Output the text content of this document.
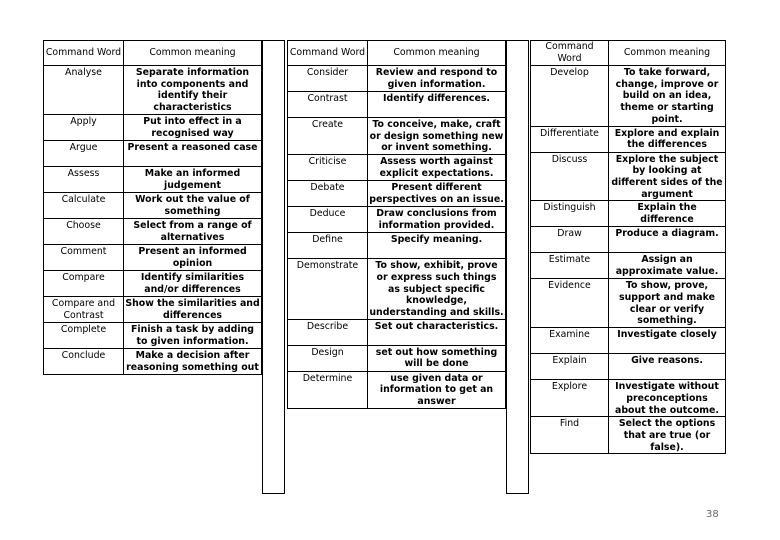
Command Word	Common meaning
Analyse	Separate information into components and identify their characteristics
Apply	Put into effect in a recognised way
Argue	Present a reasoned case
Assess	Make an informed judgement
Calculate	Work out the value of something
Choose	Select from a range of alternatives
Comment	Present an informed opinion
Compare	Identify similarities and/or differences
Compare and Contrast	Show the similarities and differences
Complete	Finish a task by adding to given information.
Conclude	Make a decision after reasoning something out
Command Word	Common meaning
Consider	Review and respond to given information.
Contrast	Identify differences.
Create	To conceive, make, craft or design something new or invent something.
Criticise	Assess worth against explicit expectations.
Debate	Present different perspectives on an issue.
Deduce	Draw conclusions from information provided.
Define	Specify meaning.
Demonstrate	To show, exhibit, prove or express such things as subject specific knowledge, understanding and skills.
Describe	Set out characteristics.
Design	set out how something will be done
Determine	use given data or information to get an answer
Command Word	Common meaning
Develop	To take forward, change, improve or build on an idea, theme or starting point.
Differentiate	Explore and explain the differences
Discuss	Explore the subject by looking at different sides of the argument
Distinguish	Explain the difference
Draw	Produce a diagram.
Estimate	Assign an approximate value.
Evidence	To show, prove, support and make clear or verify something.
Examine	Investigate closely
Explain	Give reasons.
Explore	Investigate without preconceptions about the outcome.
Find	Select the options that are true (or false).
38
